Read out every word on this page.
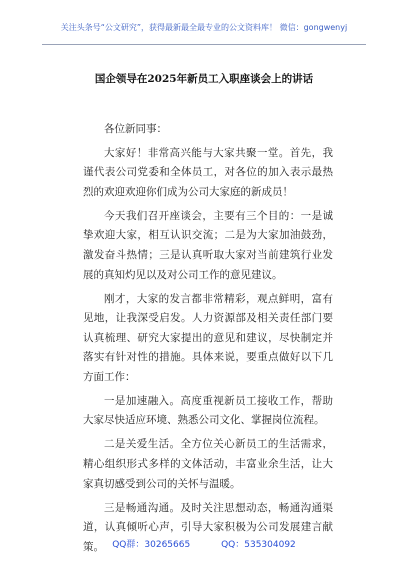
关注头条号“公文研究”，获得最新最全最专业的公文资料库！ 微信：gongwenyj
国企领导在2025年新员工入职座谈会上的讲话

各位新同事：

大家好！非常高兴能与大家共聚一堂。首先，我谨代表公司党委和全体员工，对各位的加入表示最热烈的欢迎欢迎你们成为公司大家庭的新成员！

今天我们召开座谈会，主要有三个目的：一是诚挚欢迎大家，相互认识交流；二是为大家加油鼓劲，激发奋斗热情；三是认真听取大家对当前建筑行业发展的真知灼见以及对公司工作的意见建议。

刚才，大家的发言都非常精彩，观点鲜明，富有见地，让我深受启发。人力资源部及相关责任部门要认真梳理、研究大家提出的意见和建议，尽快制定并落实有针对性的措施。具体来说，要重点做好以下几方面工作：

一是加速融入。高度重视新员工接收工作，帮助大家尽快适应环境、熟悉公司文化、掌握岗位流程。

二是关爱生活。全方位关心新员工的生活需求，精心组织形式多样的文体活动，丰富业余生活，让大家真切感受到公司的关怀与温暖。

三是畅通沟通。及时关注思想动态，畅通沟通渠道，认真倾听心声，引导大家积极为公司发展建言献策。 QQ群：30265665	QQ：535304092
